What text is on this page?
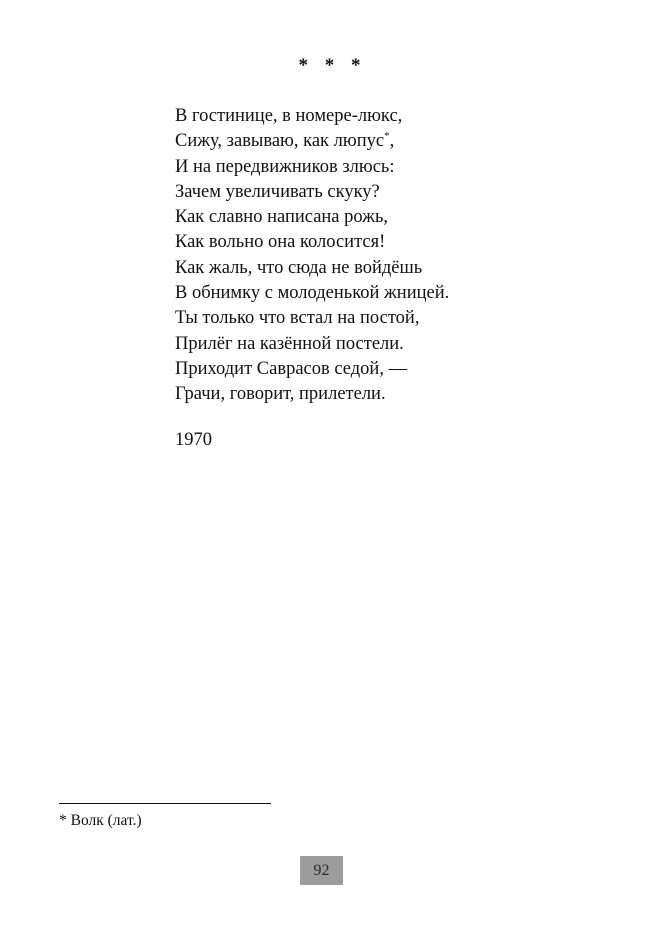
* * *
В гостинице, в номере-люкс,
Сижу, завываю, как люпус*,
И на передвижников злюсь:
Зачем увеличивать скуку?
Как славно написана рожь,
Как вольно она колосится!
Как жаль, что сюда не войдёшь
В обнимку с молоденькой жницей.
Ты только что встал на постой,
Прилёг на казённой постели.
Приходит Саврасов седой, —
Грачи, говорит, прилетели.
1970
* Волк (лат.)
92
